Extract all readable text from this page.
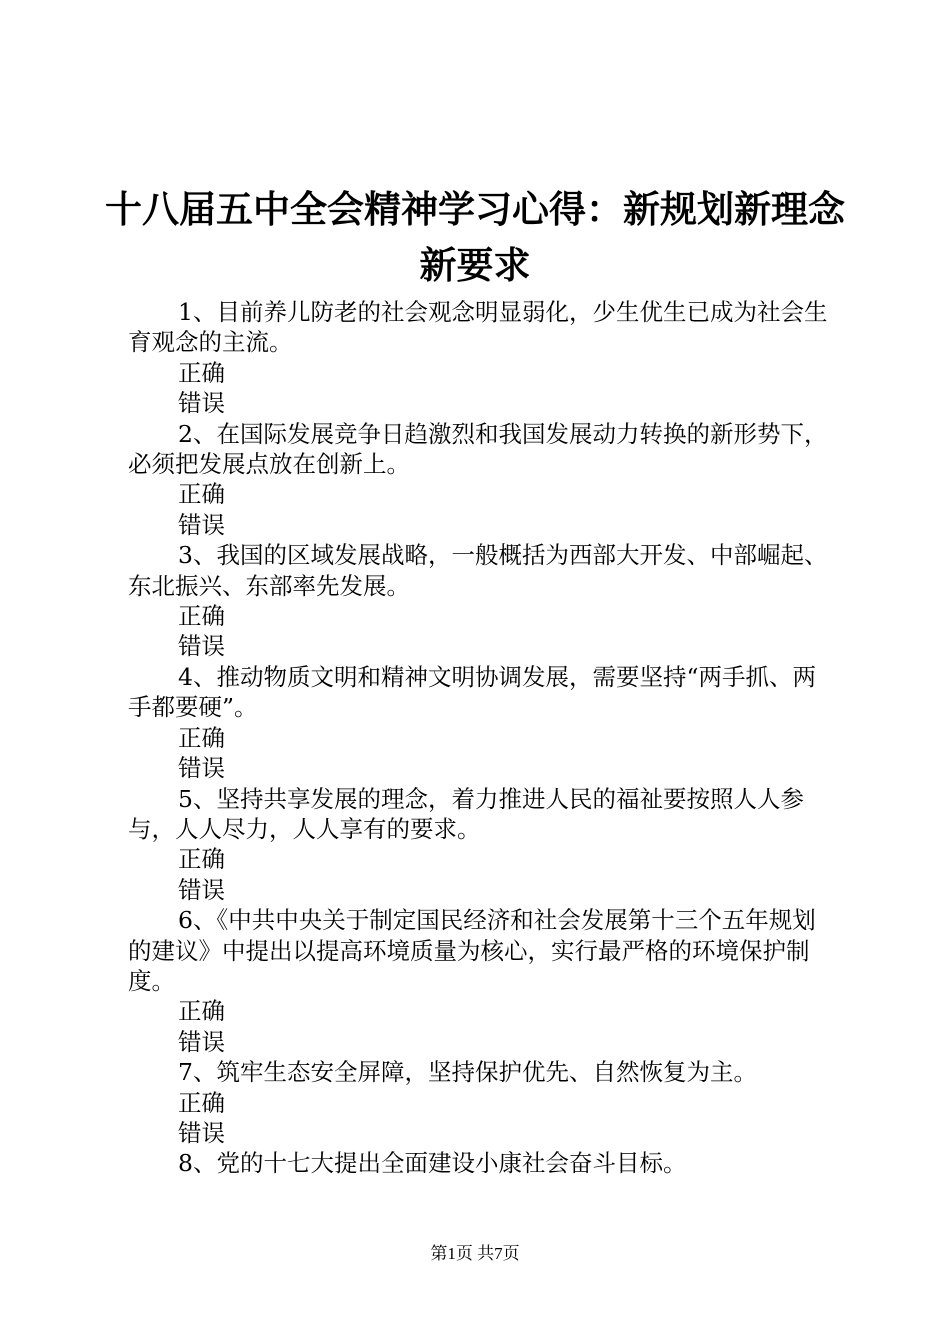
十八届五中全会精神学习心得：新规划新理念
新要求

1、目前养儿防老的社会观念明显弱化，少生优生已成为社会生育观念的主流。

正确

错误

2、在国际发展竞争日趋激烈和我国发展动力转换的新形势下，必须把发展点放在创新上。

正确

错误

3、我国的区域发展战略，一般概括为西部大开发、中部崛起、东北振兴、东部率先发展。

正确

错误

4、推动物质文明和精神文明协调发展，需要坚持“两手抓、两手都要硬”。

正确

错误

5、坚持共享发展的理念，着力推进人民的福祉要按照人人参与，人人尽力，人人享有的要求。

正确

错误

6、《中共中央关于制定国民经济和社会发展第十三个五年规划的建议》中提出以提高环境质量为核心，实行最严格的环境保护制度。

正确

错误

7、筑牢生态安全屏障，坚持保护优先、自然恢复为主。

正确

错误

8、党的十七大提出全面建设小康社会奋斗目标。

第1页 共7页
